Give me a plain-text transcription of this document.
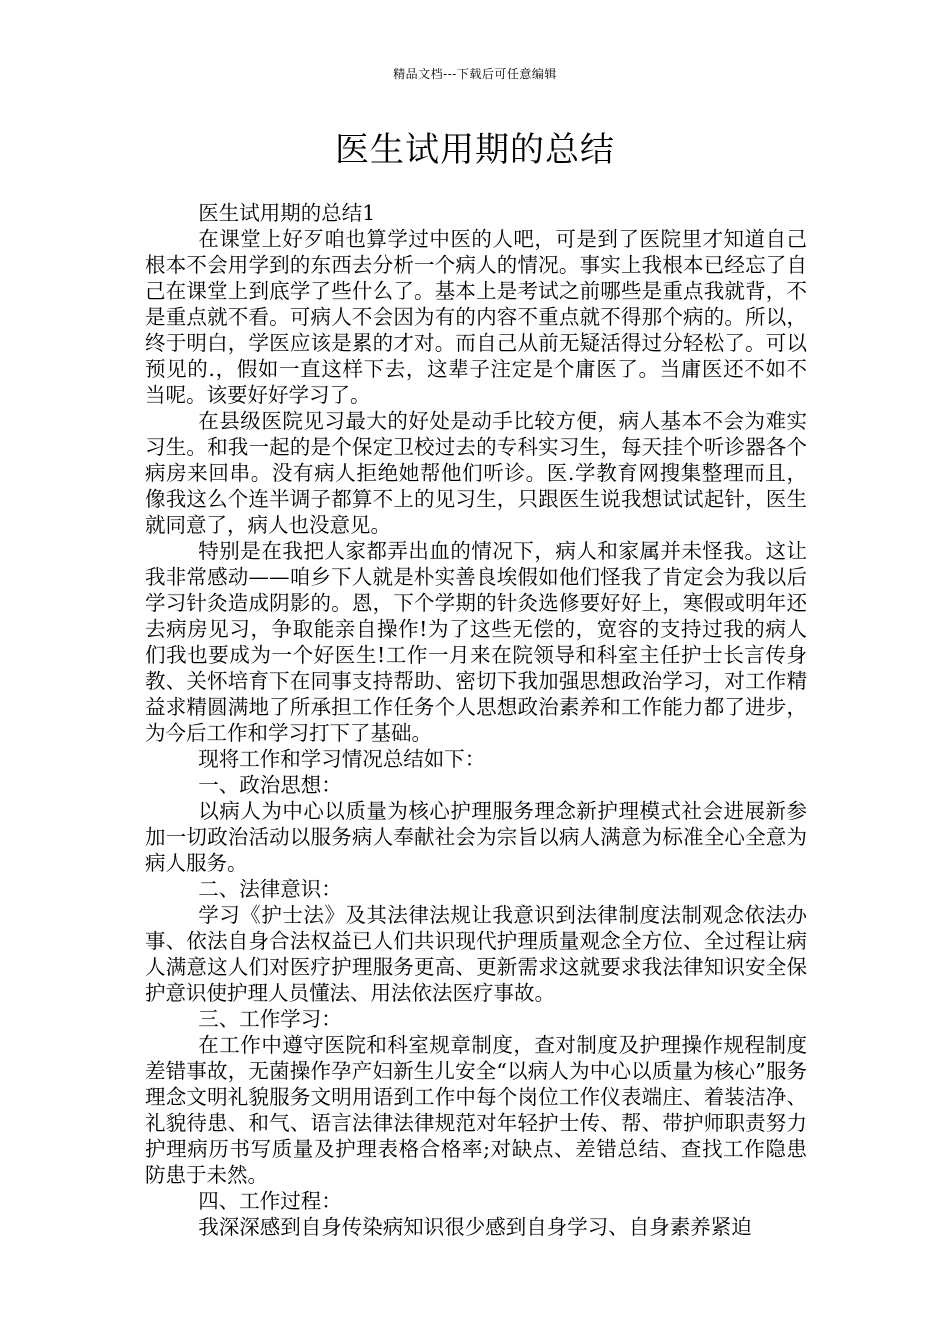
精品文档---下载后可任意编辑
医生试用期的总结

医生试用期的总结1

在课堂上好歹咱也算学过中医的人吧，可是到了医院里才知道自己根本不会用学到的东西去分析一个病人的情况。事实上我根本已经忘了自己在课堂上到底学了些什么了。基本上是考试之前哪些是重点我就背，不是重点就不看。可病人不会因为有的内容不重点就不得那个病的。所以，终于明白，学医应该是累的才对。而自己从前无疑活得过分轻松了。可以预见的.，假如一直这样下去，这辈子注定是个庸医了。当庸医还不如不当呢。该要好好学习了。

在县级医院见习最大的好处是动手比较方便，病人基本不会为难实习生。和我一起的是个保定卫校过去的专科实习生，每天挂个听诊器各个病房来回串。没有病人拒绝她帮他们听诊。医.学教育网搜集整理而且，像我这么个连半调子都算不上的见习生，只跟医生说我想试试起针，医生就同意了，病人也没意见。

特别是在我把人家都弄出血的情况下，病人和家属并未怪我。这让我非常感动——咱乡下人就是朴实善良埃假如他们怪我了肯定会为我以后学习针灸造成阴影的。恩，下个学期的针灸选修要好好上，寒假或明年还去病房见习，争取能亲自操作!为了这些无偿的，宽容的支持过我的病人们我也要成为一个好医生!工作一月来在院领导和科室主任护士长言传身教、关怀培育下在同事支持帮助、密切下我加强思想政治学习，对工作精益求精圆满地了所承担工作任务个人思想政治素养和工作能力都了进步，为今后工作和学习打下了基础。

现将工作和学习情况总结如下：

一、政治思想：

以病人为中心以质量为核心护理服务理念新护理模式社会进展新参加一切政治活动以服务病人奉献社会为宗旨以病人满意为标准全心全意为病人服务。

二、法律意识：

学习《护士法》及其法律法规让我意识到法律制度法制观念依法办事、依法自身合法权益已人们共识现代护理质量观念全方位、全过程让病人满意这人们对医疗护理服务更高、更新需求这就要求我法律知识安全保护意识使护理人员懂法、用法依法医疗事故。

三、工作学习：

在工作中遵守医院和科室规章制度，查对制度及护理操作规程制度差错事故，无菌操作孕产妇新生儿安全“以病人为中心以质量为核心”服务理念文明礼貌服务文明用语到工作中每个岗位工作仪表端庄、着装洁净、礼貌待患、和气、语言法律法律规范对年轻护士传、帮、带护师职责努力护理病历书写质量及护理表格合格率;对缺点、差错总结、查找工作隐患防患于未然。

四、工作过程：

我深深感到自身传染病知识很少感到自身学习、自身素养紧迫
